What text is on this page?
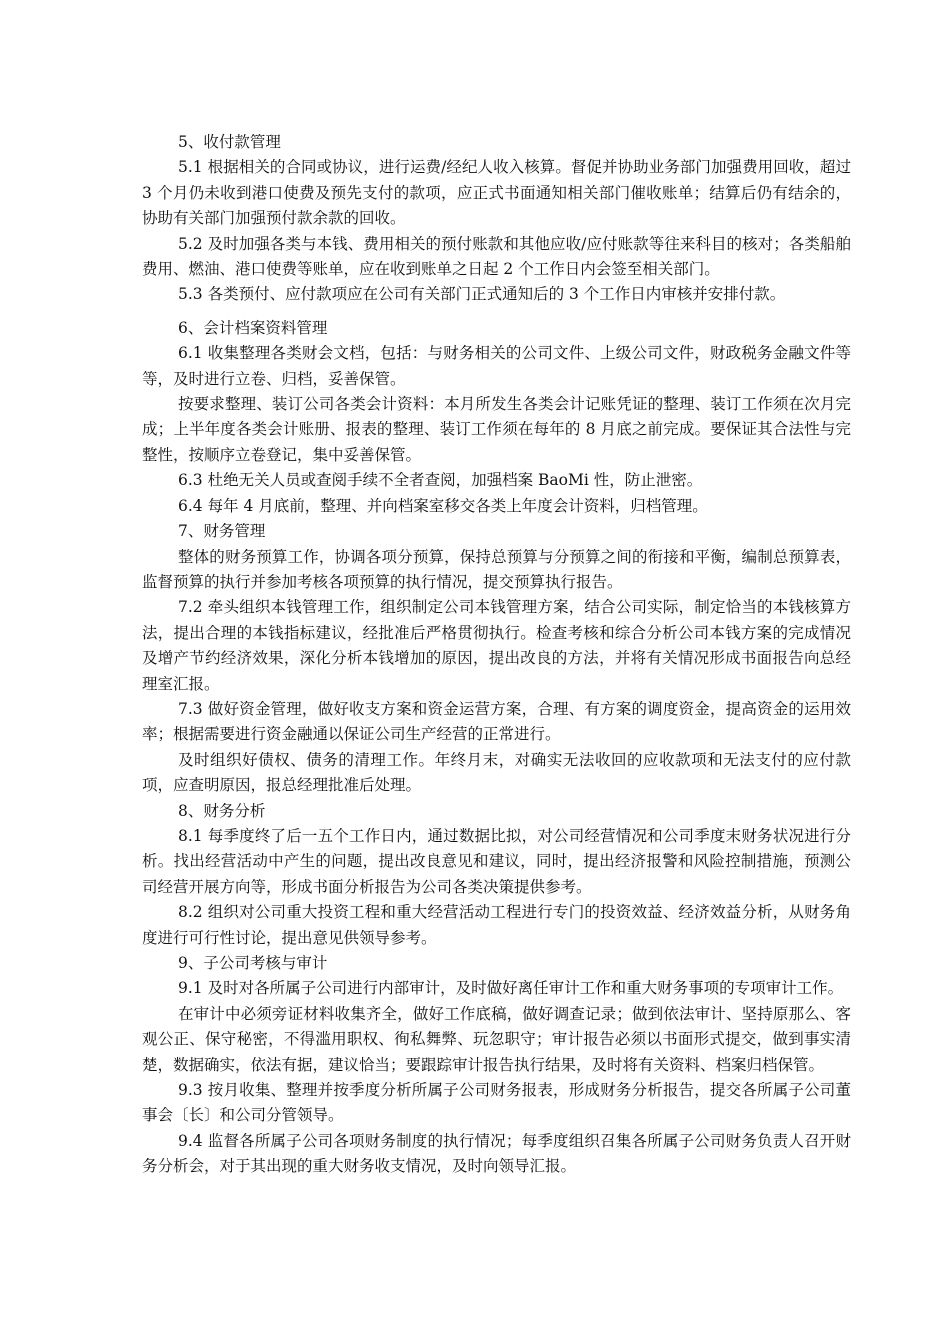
5、收付款管理

5.1 根据相关的合同或协议，进行运费/经纪人收入核算。督促并协助业务部门加强费用回收，超过 3 个月仍未收到港口使费及预先支付的款项，应正式书面通知相关部门催收账单；结算后仍有结余的，协助有关部门加强预付款余款的回收。

5.2 及时加强各类与本钱、费用相关的预付账款和其他应收/应付账款等往来科目的核对；各类船舶费用、燃油、港口使费等账单，应在收到账单之日起 2 个工作日内会签至相关部门。

5.3 各类预付、应付款项应在公司有关部门正式通知后的 3 个工作日内审核并安排付款。

6、会计档案资料管理

6.1 收集整理各类财会文档，包括：与财务相关的公司文件、上级公司文件，财政税务金融文件等等，及时进行立卷、归档，妥善保管。

按要求整理、装订公司各类会计资料：本月所发生各类会计记账凭证的整理、装订工作须在次月完成；上半年度各类会计账册、报表的整理、装订工作须在每年的 8 月底之前完成。要保证其合法性与完整性，按顺序立卷登记，集中妥善保管。

6.3 杜绝无关人员或查阅手续不全者查阅，加强档案 BaoMi 性，防止泄密。

6.4 每年 4 月底前，整理、并向档案室移交各类上年度会计资料，归档管理。

7、财务管理

整体的财务预算工作，协调各项分预算，保持总预算与分预算之间的衔接和平衡，编制总预算表，监督预算的执行并参加考核各项预算的执行情况，提交预算执行报告。

7.2 牵头组织本钱管理工作，组织制定公司本钱管理方案，结合公司实际，制定恰当的本钱核算方法，提出合理的本钱指标建议，经批准后严格贯彻执行。检查考核和综合分析公司本钱方案的完成情况及增产节约经济效果，深化分析本钱增加的原因，提出改良的方法，并将有关情况形成书面报告向总经理室汇报。

7.3 做好资金管理，做好收支方案和资金运营方案，合理、有方案的调度资金，提高资金的运用效率；根据需要进行资金融通以保证公司生产经营的正常进行。

及时组织好债权、债务的清理工作。年终月末，对确实无法收回的应收款项和无法支付的应付款项，应查明原因，报总经理批准后处理。

8、财务分析

8.1 每季度终了后一五个工作日内，通过数据比拟，对公司经营情况和公司季度末财务状况进行分析。找出经营活动中产生的问题，提出改良意见和建议，同时，提出经济报警和风险控制措施，预测公司经营开展方向等，形成书面分析报告为公司各类决策提供参考。

8.2 组织对公司重大投资工程和重大经营活动工程进行专门的投资效益、经济效益分析，从财务角度进行可行性讨论，提出意见供领导参考。

9、子公司考核与审计

9.1 及时对各所属子公司进行内部审计，及时做好离任审计工作和重大财务事项的专项审计工作。

在审计中必须旁证材料收集齐全，做好工作底稿，做好调查记录；做到依法审计、坚持原那么、客观公正、保守秘密，不得滥用职权、徇私舞弊、玩忽职守；审计报告必须以书面形式提交，做到事实清楚，数据确实，依法有据，建议恰当；要跟踪审计报告执行结果，及时将有关资料、档案归档保管。

9.3 按月收集、整理并按季度分析所属子公司财务报表，形成财务分析报告，提交各所属子公司董事会〔长〕和公司分管领导。

9.4 监督各所属子公司各项财务制度的执行情况；每季度组织召集各所属子公司财务负责人召开财务分析会，对于其出现的重大财务收支情况，及时向领导汇报。
